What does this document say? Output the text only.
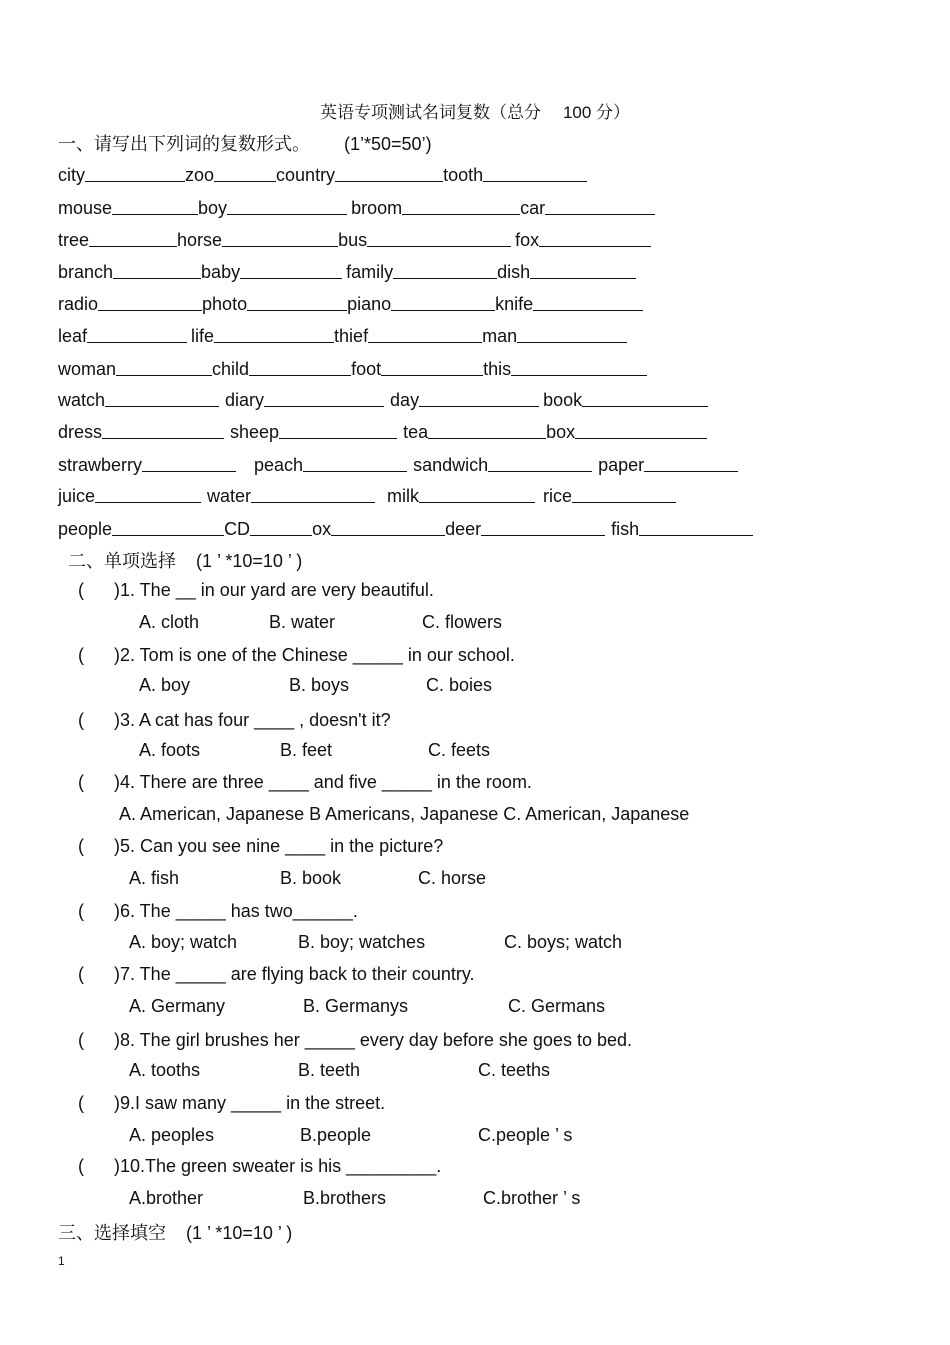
英语专项测试名词复数（总分 100 分）
一、请写出下列词的复数形式。 (1’*50=50’)
city	zoo	country	tooth
mouse	boy	broom	car
tree	horse	bus	fox
branch	baby	family	dish
radio	photo	piano	knife
leaf	life	thief	man
woman	child	foot	this
watch	diary	day	book
dress	sheep	tea	box
strawberry	peach	sandwich	paper
juice	water	milk	rice
people	CD	ox	deer	fish
二、单项选择 (1 ’ *10=10 ’ )
( )1. The __ in our yard are very beautiful.
A. cloth	B. water	C. flowers
( )2. Tom is one of the Chinese _____ in our school.
A. boy	B. boys	C. boies
( )3. A cat has four ____ , doesn't it?
A. foots	B. feet	C. feets
( )4. There are three ____ and five _____ in the room.
A. American, Japanese B Americans, Japanese C. American, Japanese
( )5. Can you see nine ____ in the picture?
A. fish	B. book	C. horse
( )6. The _____ has two______.
A. boy; watch	B. boy; watches	C. boys; watch
( )7. The _____ are flying back to their country.
A. Germany	B. Germanys	C. Germans
( )8. The girl brushes her _____ every day before she goes to bed.
A. tooths	B. teeth	C. teeths
( )9.I saw many _____ in the street.
A. peoples	B.people	C.people ’ s
( )10.The green sweater is his _________.
A.brother	B.brothers	C.brother ’ s
三、选择填空 (1 ’ *10=10 ’ )
1
